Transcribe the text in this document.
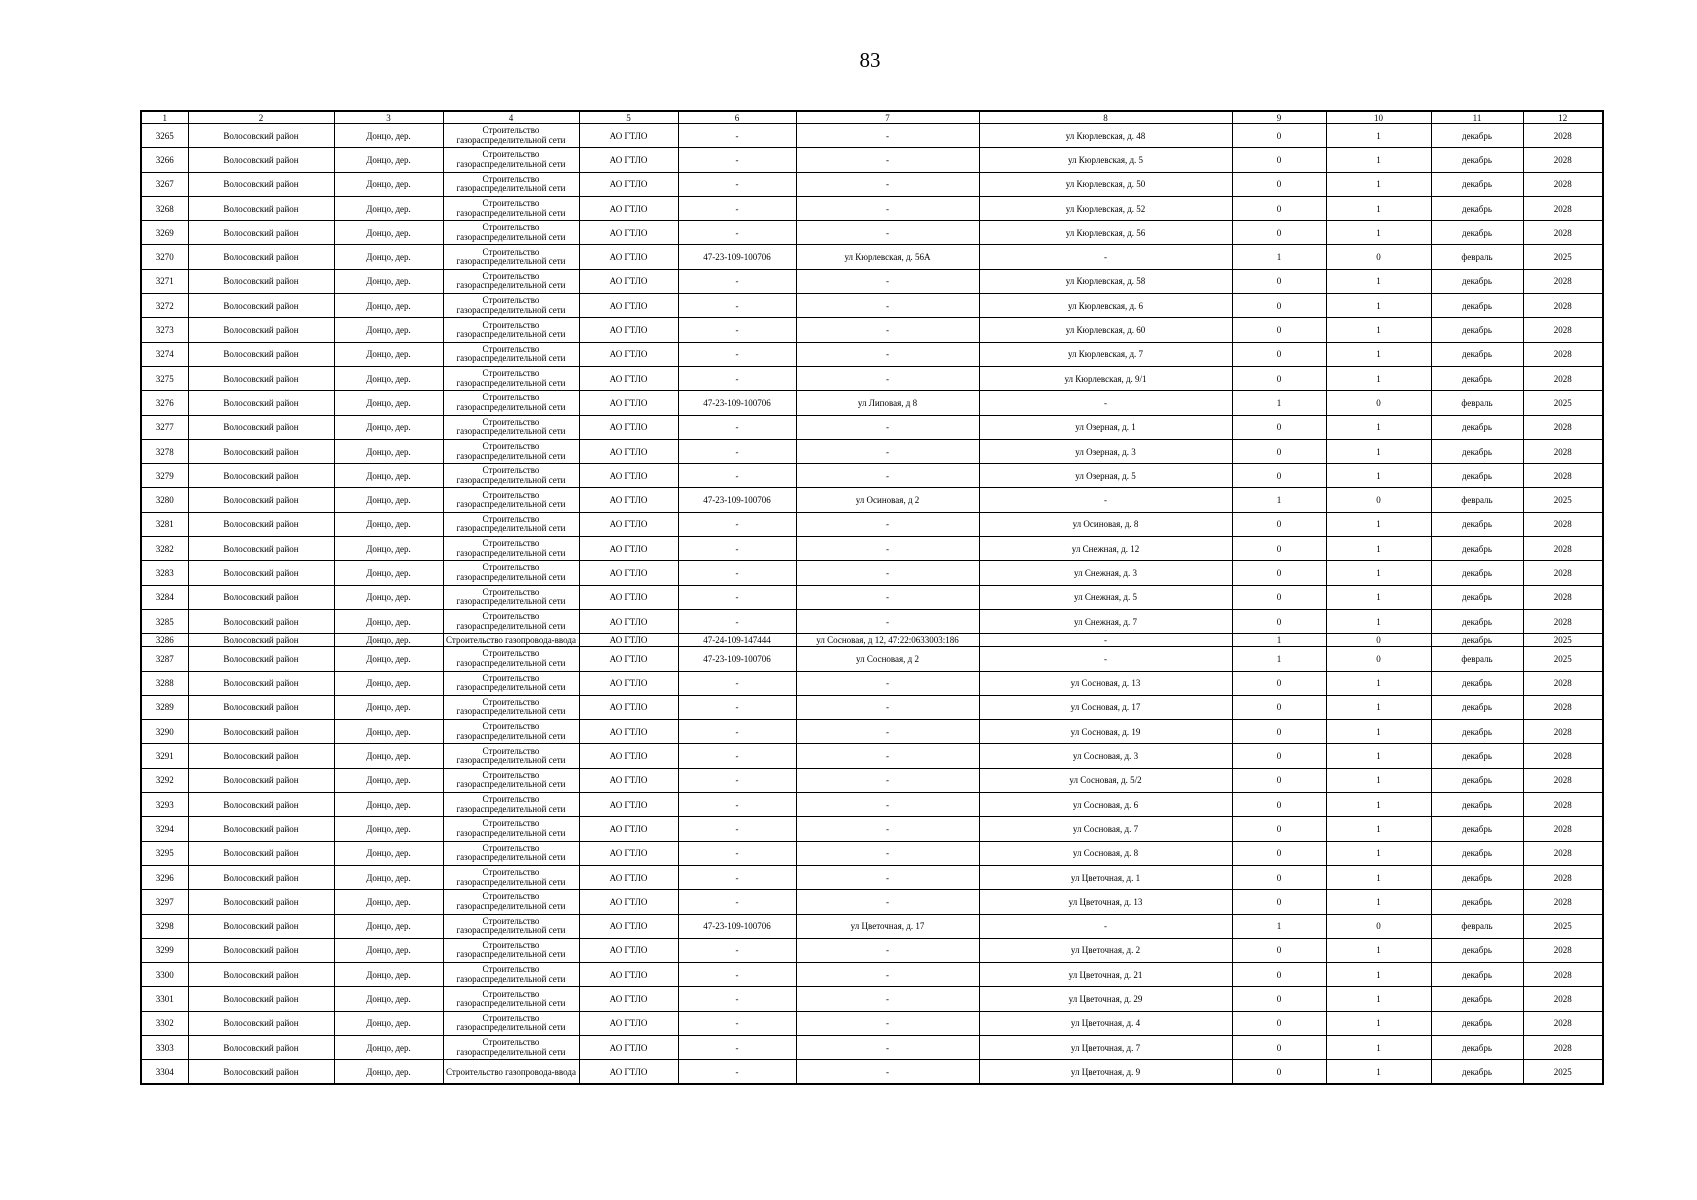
83
1	2	3	4	5	6	7	8	9	10	11	12
3265	Волосовский район	Донцо, дер.	Строительство газораспределительной сети	АО ГТЛО	-	-	ул Кюрлевская, д. 48	0	1	декабрь	2028
3266	Волосовский район	Донцо, дер.	Строительство газораспределительной сети	АО ГТЛО	-	-	ул Кюрлевская, д. 5	0	1	декабрь	2028
3267	Волосовский район	Донцо, дер.	Строительство газораспределительной сети	АО ГТЛО	-	-	ул Кюрлевская, д. 50	0	1	декабрь	2028
3268	Волосовский район	Донцо, дер.	Строительство газораспределительной сети	АО ГТЛО	-	-	ул Кюрлевская, д. 52	0	1	декабрь	2028
3269	Волосовский район	Донцо, дер.	Строительство газораспределительной сети	АО ГТЛО	-	-	ул Кюрлевская, д. 56	0	1	декабрь	2028
3270	Волосовский район	Донцо, дер.	Строительство газораспределительной сети	АО ГТЛО	47-23-109-100706	ул Кюрлевская, д. 56А	-	1	0	февраль	2025
3271	Волосовский район	Донцо, дер.	Строительство газораспределительной сети	АО ГТЛО	-	-	ул Кюрлевская, д. 58	0	1	декабрь	2028
3272	Волосовский район	Донцо, дер.	Строительство газораспределительной сети	АО ГТЛО	-	-	ул Кюрлевская, д. 6	0	1	декабрь	2028
3273	Волосовский район	Донцо, дер.	Строительство газораспределительной сети	АО ГТЛО	-	-	ул Кюрлевская, д. 60	0	1	декабрь	2028
3274	Волосовский район	Донцо, дер.	Строительство газораспределительной сети	АО ГТЛО	-	-	ул Кюрлевская, д. 7	0	1	декабрь	2028
3275	Волосовский район	Донцо, дер.	Строительство газораспределительной сети	АО ГТЛО	-	-	ул Кюрлевская, д. 9/1	0	1	декабрь	2028
3276	Волосовский район	Донцо, дер.	Строительство газораспределительной сети	АО ГТЛО	47-23-109-100706	ул Липовая, д 8	-	1	0	февраль	2025
3277	Волосовский район	Донцо, дер.	Строительство газораспределительной сети	АО ГТЛО	-	-	ул Озерная, д. 1	0	1	декабрь	2028
3278	Волосовский район	Донцо, дер.	Строительство газораспределительной сети	АО ГТЛО	-	-	ул Озерная, д. 3	0	1	декабрь	2028
3279	Волосовский район	Донцо, дер.	Строительство газораспределительной сети	АО ГТЛО	-	-	ул Озерная, д. 5	0	1	декабрь	2028
3280	Волосовский район	Донцо, дер.	Строительство газораспределительной сети	АО ГТЛО	47-23-109-100706	ул Осиновая, д 2	-	1	0	февраль	2025
3281	Волосовский район	Донцо, дер.	Строительство газораспределительной сети	АО ГТЛО	-	-	ул Осиновая, д. 8	0	1	декабрь	2028
3282	Волосовский район	Донцо, дер.	Строительство газораспределительной сети	АО ГТЛО	-	-	ул Снежная, д. 12	0	1	декабрь	2028
3283	Волосовский район	Донцо, дер.	Строительство газораспределительной сети	АО ГТЛО	-	-	ул Снежная, д. 3	0	1	декабрь	2028
3284	Волосовский район	Донцо, дер.	Строительство газораспределительной сети	АО ГТЛО	-	-	ул Снежная, д. 5	0	1	декабрь	2028
3285	Волосовский район	Донцо, дер.	Строительство газораспределительной сети	АО ГТЛО	-	-	ул Снежная, д. 7	0	1	декабрь	2028
3286	Волосовский район	Донцо, дер.	Строительство газопровода-ввода	АО ГТЛО	47-24-109-147444	ул Сосновая, д 12, 47:22:0633003:186	-	1	0	декабрь	2025
3287	Волосовский район	Донцо, дер.	Строительство газораспределительной сети	АО ГТЛО	47-23-109-100706	ул Сосновая, д 2	-	1	0	февраль	2025
3288	Волосовский район	Донцо, дер.	Строительство газораспределительной сети	АО ГТЛО	-	-	ул Сосновая, д. 13	0	1	декабрь	2028
3289	Волосовский район	Донцо, дер.	Строительство газораспределительной сети	АО ГТЛО	-	-	ул Сосновая, д. 17	0	1	декабрь	2028
3290	Волосовский район	Донцо, дер.	Строительство газораспределительной сети	АО ГТЛО	-	-	ул Сосновая, д. 19	0	1	декабрь	2028
3291	Волосовский район	Донцо, дер.	Строительство газораспределительной сети	АО ГТЛО	-	-	ул Сосновая, д. 3	0	1	декабрь	2028
3292	Волосовский район	Донцо, дер.	Строительство газораспределительной сети	АО ГТЛО	-	-	ул Сосновая, д. 5/2	0	1	декабрь	2028
3293	Волосовский район	Донцо, дер.	Строительство газораспределительной сети	АО ГТЛО	-	-	ул Сосновая, д. 6	0	1	декабрь	2028
3294	Волосовский район	Донцо, дер.	Строительство газораспределительной сети	АО ГТЛО	-	-	ул Сосновая, д. 7	0	1	декабрь	2028
3295	Волосовский район	Донцо, дер.	Строительство газораспределительной сети	АО ГТЛО	-	-	ул Сосновая, д. 8	0	1	декабрь	2028
3296	Волосовский район	Донцо, дер.	Строительство газораспределительной сети	АО ГТЛО	-	-	ул Цветочная, д. 1	0	1	декабрь	2028
3297	Волосовский район	Донцо, дер.	Строительство газораспределительной сети	АО ГТЛО	-	-	ул Цветочная, д. 13	0	1	декабрь	2028
3298	Волосовский район	Донцо, дер.	Строительство газораспределительной сети	АО ГТЛО	47-23-109-100706	ул Цветочная, д. 17	-	1	0	февраль	2025
3299	Волосовский район	Донцо, дер.	Строительство газораспределительной сети	АО ГТЛО	-	-	ул Цветочная, д. 2	0	1	декабрь	2028
3300	Волосовский район	Донцо, дер.	Строительство газораспределительной сети	АО ГТЛО	-	-	ул Цветочная, д. 21	0	1	декабрь	2028
3301	Волосовский район	Донцо, дер.	Строительство газораспределительной сети	АО ГТЛО	-	-	ул Цветочная, д. 29	0	1	декабрь	2028
3302	Волосовский район	Донцо, дер.	Строительство газораспределительной сети	АО ГТЛО	-	-	ул Цветочная, д. 4	0	1	декабрь	2028
3303	Волосовский район	Донцо, дер.	Строительство газораспределительной сети	АО ГТЛО	-	-	ул Цветочная, д. 7	0	1	декабрь	2028
3304	Волосовский район	Донцо, дер.	Строительство газопровода-ввода	АО ГТЛО	-	-	ул Цветочная, д. 9	0	1	декабрь	2025
